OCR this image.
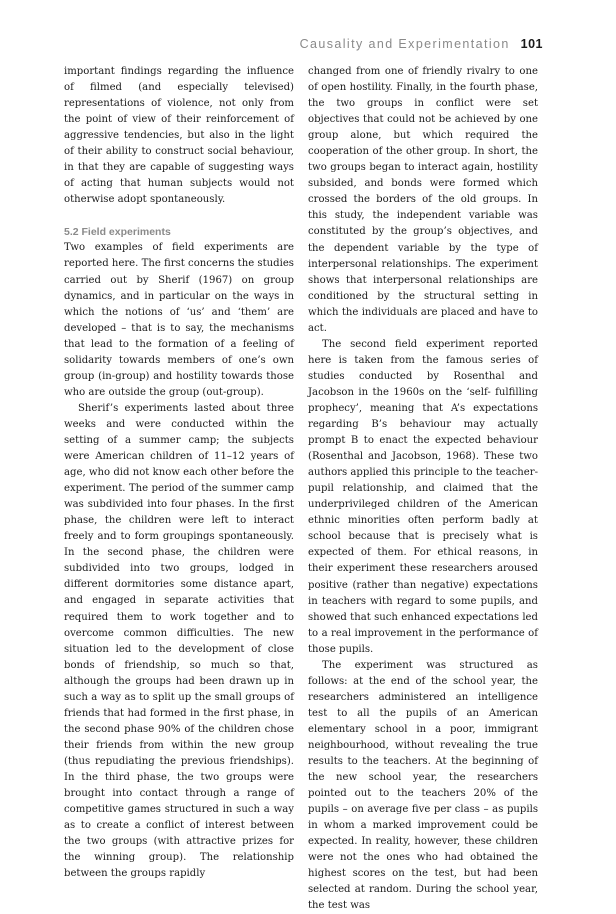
Causality and Experimentation 101

important findings regarding the influence of filmed (and especially televised) representations of violence, not only from the point of view of their reinforcement of aggressive tendencies, but also in the light of their ability to construct social behaviour, in that they are capable of suggesting ways of acting that human subjects would not otherwise adopt spontaneously.

5.2 Field experiments

Two examples of field experiments are reported here. The first concerns the studies carried out by Sherif (1967) on group dynamics, and in particular on the ways in which the notions of ‘us’ and ‘them’ are developed – that is to say, the mechanisms that lead to the formation of a feeling of solidarity towards members of one’s own group (in-group) and hostility towards those who are outside the group (out-group).

Sherif’s experiments lasted about three weeks and were conducted within the setting of a summer camp; the subjects were American children of 11–12 years of age, who did not know each other before the experiment. The period of the summer camp was subdivided into four phases. In the first phase, the children were left to interact freely and to form groupings spontaneously. In the second phase, the children were subdivided into two groups, lodged in different dormitories some distance apart, and engaged in separate activities that required them to work together and to overcome common difficulties. The new situation led to the development of close bonds of friendship, so much so that, although the groups had been drawn up in such a way as to split up the small groups of friends that had formed in the first phase, in the second phase 90% of the children chose their friends from within the new group (thus repudiating the previous friendships). In the third phase, the two groups were brought into contact through a range of competitive games structured in such a way as to create a conflict of interest between the two groups (with attractive prizes for the winning group). The relationship between the groups rapidly

changed from one of friendly rivalry to one of open hostility. Finally, in the fourth phase, the two groups in conflict were set objectives that could not be achieved by one group alone, but which required the cooperation of the other group. In short, the two groups began to interact again, hostility subsided, and bonds were formed which crossed the borders of the old groups. In this study, the independent variable was constituted by the group’s objectives, and the dependent variable by the type of interpersonal relationships. The experiment shows that interpersonal relationships are conditioned by the structural setting in which the individuals are placed and have to act.

The second field experiment reported here is taken from the famous series of studies conducted by Rosenthal and Jacobson in the 1960s on the ‘self- fulfilling prophecy’, meaning that A’s expectations regarding B’s behaviour may actually prompt B to enact the expected behaviour (Rosenthal and Jacobson, 1968). These two authors applied this principle to the teacher-pupil relationship, and claimed that the underprivileged children of the American ethnic minorities often perform badly at school because that is precisely what is expected of them. For ethical reasons, in their experiment these researchers aroused positive (rather than negative) expectations in teachers with regard to some pupils, and showed that such enhanced expectations led to a real improvement in the performance of those pupils.

The experiment was structured as follows: at the end of the school year, the researchers administered an intelligence test to all the pupils of an American elementary school in a poor, immigrant neighbourhood, without revealing the true results to the teachers. At the beginning of the new school year, the researchers pointed out to the teachers 20% of the pupils – on average five per class – as pupils in whom a marked improvement could be expected. In reality, however, these children were not the ones who had obtained the highest scores on the test, but had been selected at random. During the school year, the test was
